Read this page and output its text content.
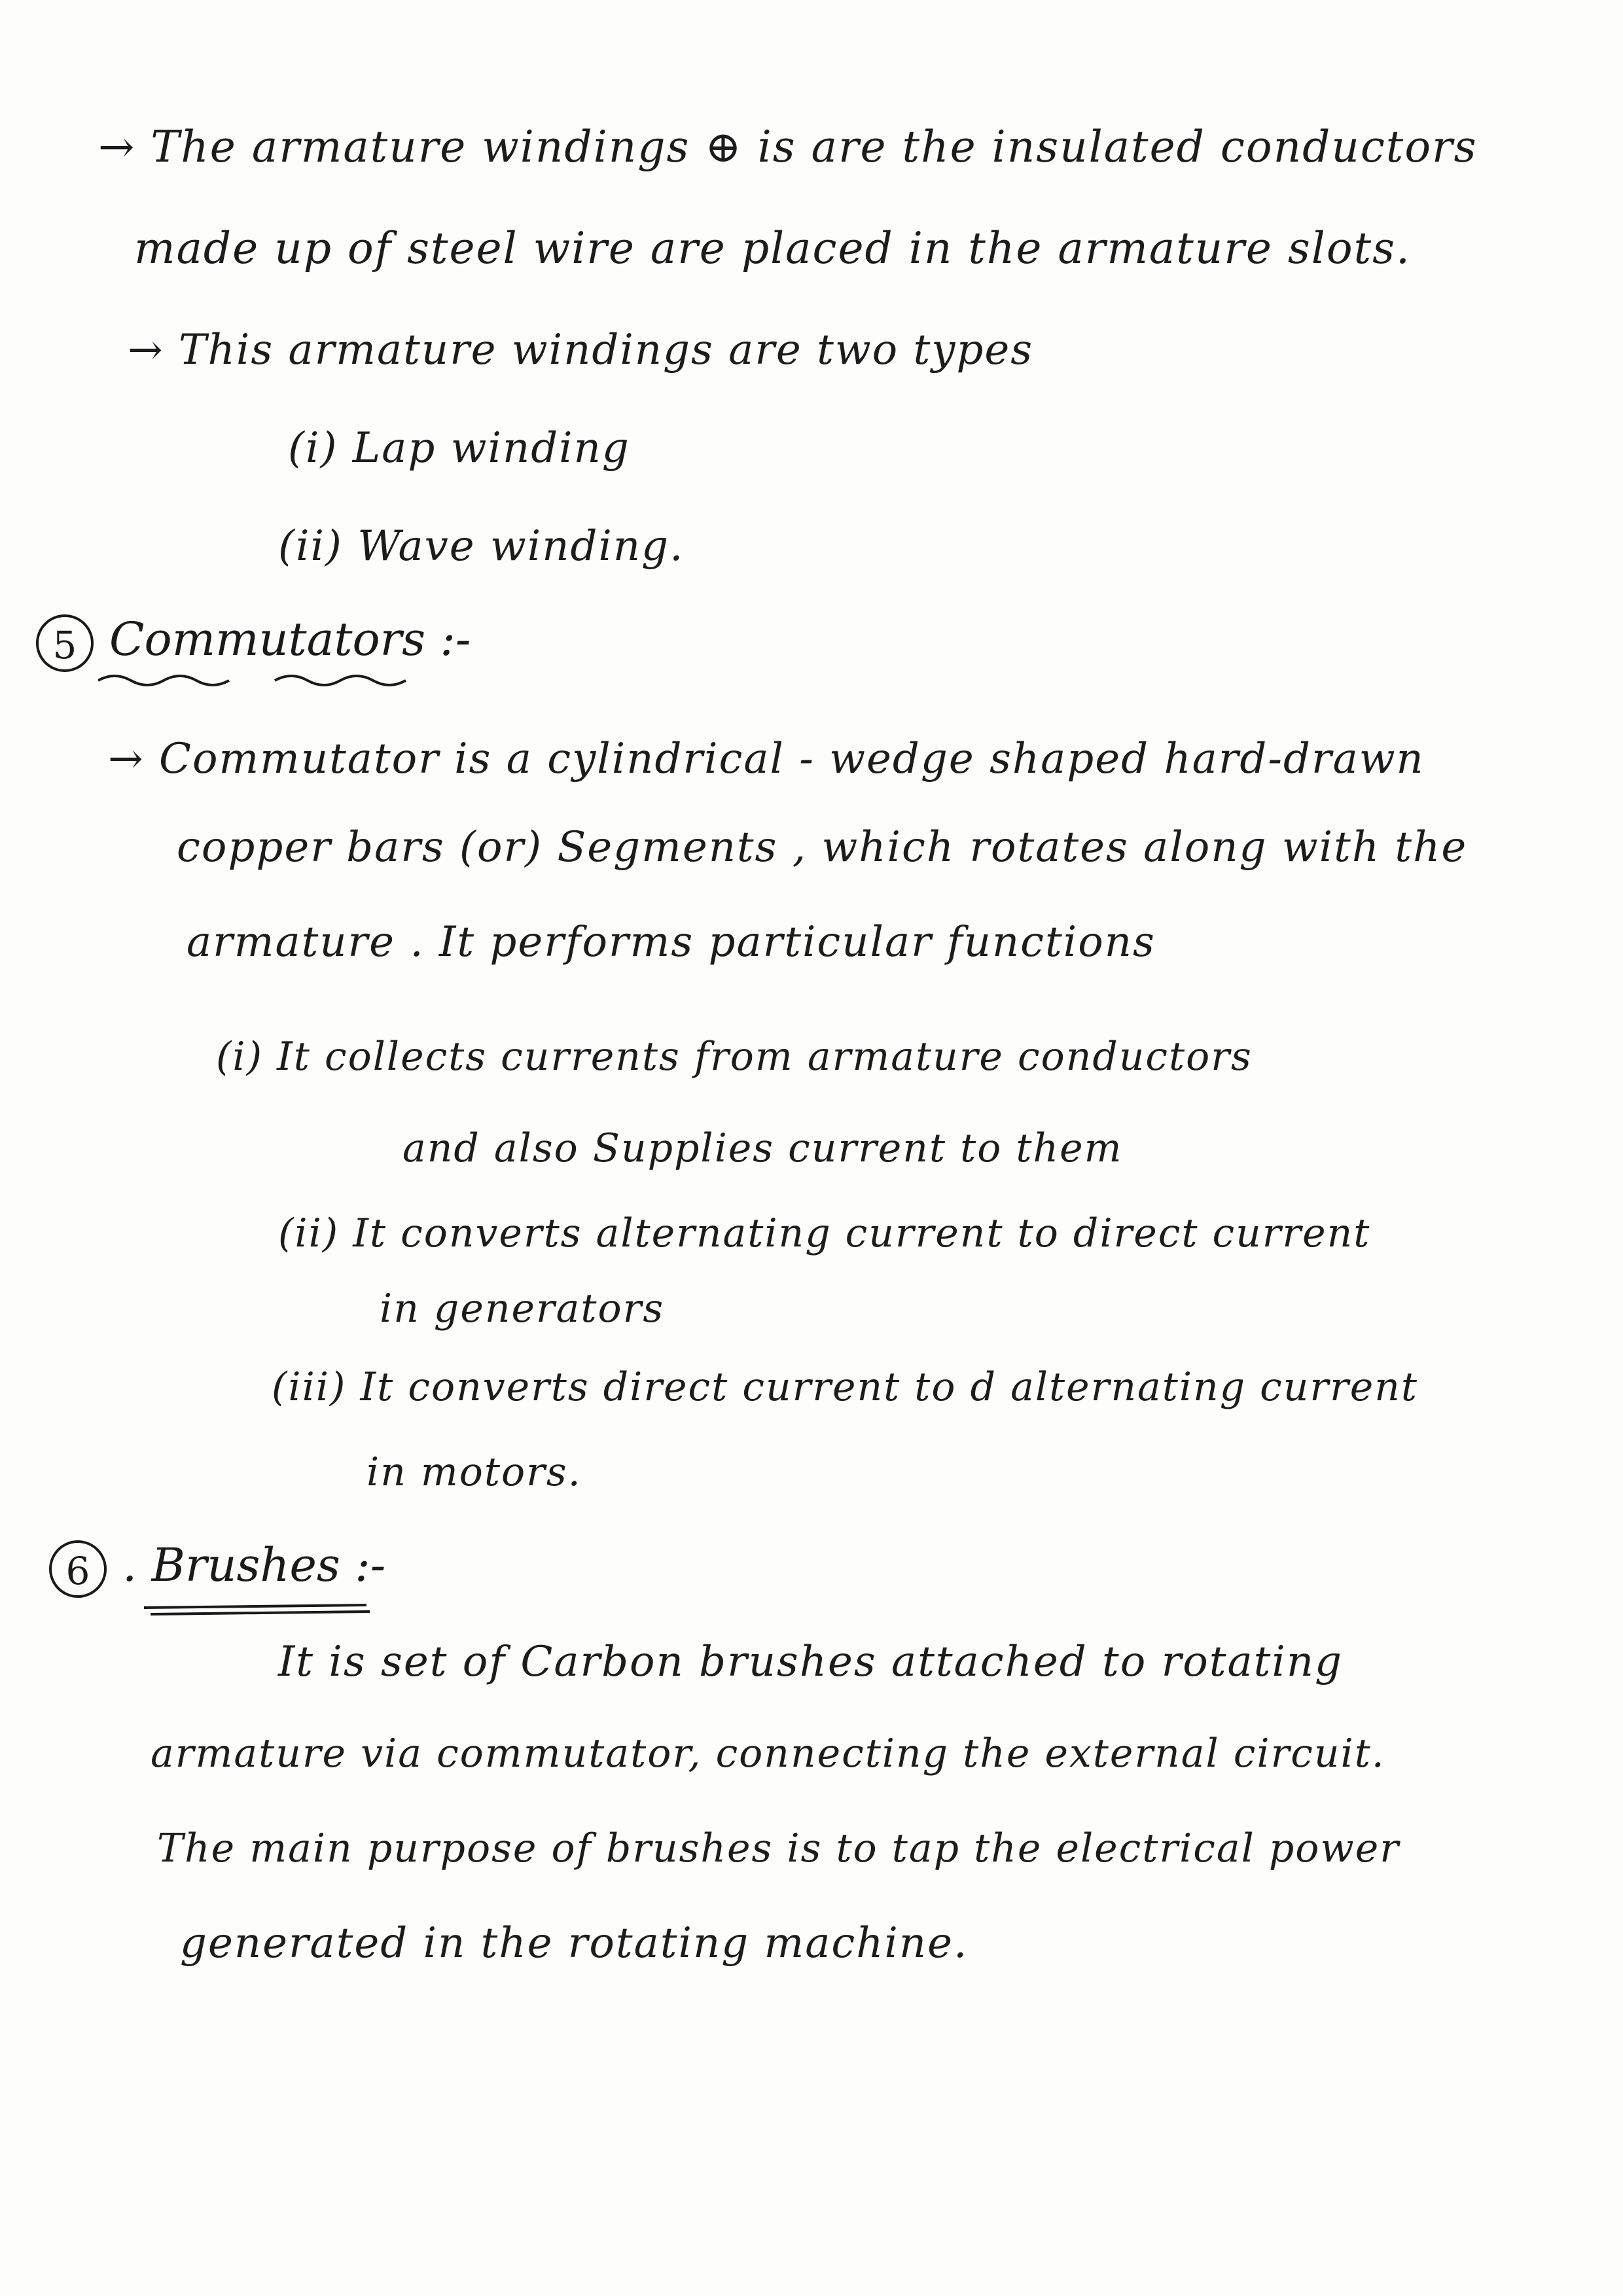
→ The armature windings ⊕ is are the insulated conductors
made up of steel wire are placed in the armature slots.
→ This armature windings are two types
(i) Lap winding
(ii) Wave winding.
5 Commutators :-
→ Commutator is a cylindrical - wedge shaped hard-drawn
copper bars (or) Segments , which rotates along with the
armature . It performs particular functions
(i) It collects currents from armature conductors
and also Supplies current to them
(ii) It converts alternating current to direct current
in generators
(iii) It converts direct current to d alternating current
in motors.
6 . Brushes :-
It is set of Carbon brushes attached to rotating
armature via commutator, connecting the external circuit.
The main purpose of brushes is to tap the electrical power
generated in the rotating machine.
